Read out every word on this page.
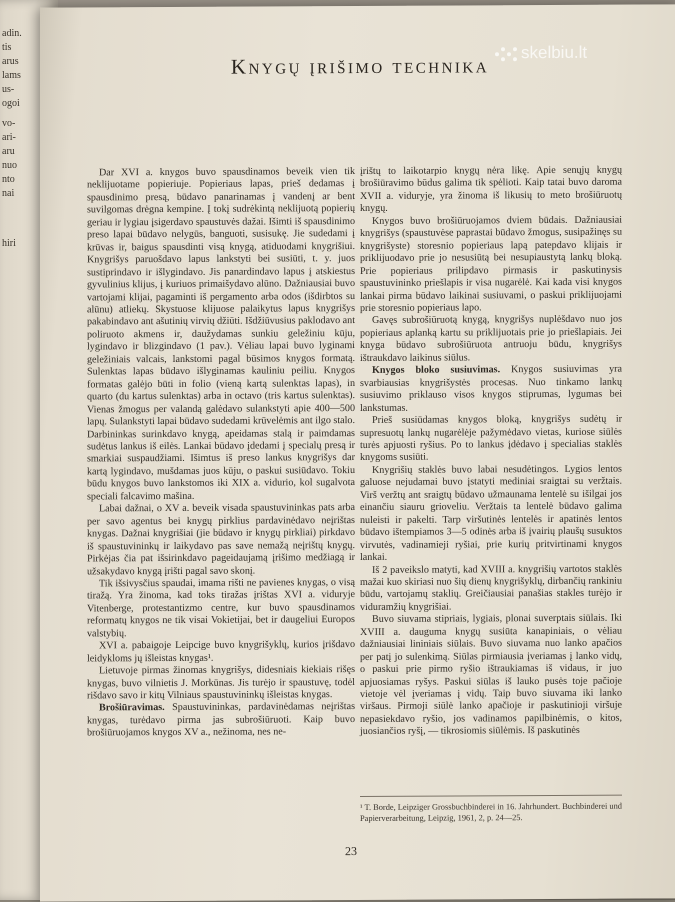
adin.
tis
arus
lams
us-
ogoi
vo-
ari-
aru
nuo
nto
nai
hiri
Knygų įrišimo technika
skelbiu.lt

Dar XVI a. knygos buvo spausdinamos beveik vien tik neklijuotame popieriuje. Popieriaus lapas, prieš dedamas į spausdinimo presą, būdavo panarinamas į vandenį ar bent suvilgomas drėgna kempine. Į tokį sudrėkintą neklijuotą popierių geriau ir lygiau įsigerdavo spaustuvės dažai. Išimti iš spausdinimo preso lapai būdavo nelygūs, banguoti, susisukę. Jie sudedami į krūvas ir, baigus spausdinti visą knygą, atiduodami knygrišiui. Knygrišys paruošdavo lapus lankstyti bei susiūti, t. y. juos sustiprindavo ir išlygindavo. Jis panardindavo lapus į atskiestus gyvulinius klijus, į kuriuos primaišydavo alūno. Dažniausiai buvo vartojami klijai, pagaminti iš pergamento arba odos (išdirbtos su alūnu) atliekų. Skystuose klijuose palaikytus lapus knygrišys pakabindavo ant ašutinių virvių džiūti. Išdžiūvusius paklodavo ant poliruoto akmens ir, daužydamas sunkiu geležiniu kūju, lygindavo ir blizgindavo (1 pav.). Vėliau lapai buvo lyginami geležiniais valcais, lankstomi pagal būsimos knygos formatą. Sulenktas lapas būdavo išlyginamas kauliniu peiliu. Knygos formatas galėjo būti in folio (vieną kartą sulenktas lapas), in quarto (du kartus sulenktas) arba in octavo (tris kartus sulenktas). Vienas žmogus per valandą galėdavo sulankstyti apie 400—500 lapų. Sulankstyti lapai būdavo sudedami krūvelėmis ant ilgo stalo. Darbininkas surinkdavo knygą, apeidamas stalą ir paimdamas sudėtus lankus iš eilės. Lankai būdavo įdedami į specialų presą ir smarkiai suspaudžiami. Išimtus iš preso lankus knygrišys dar kartą lygindavo, mušdamas juos kūju, o paskui susiūdavo. Tokiu būdu knygos buvo lankstomos iki XIX a. vidurio, kol sugalvota speciali falcavimo mašina.

Labai dažnai, o XV a. beveik visada spaustuvininkas pats arba per savo agentus bei knygų pirklius pardavinėdavo neįrištas knygas. Dažnai knygrišiai (jie būdavo ir knygų pirkliai) pirkdavo iš spaustuvininkų ir laikydavo pas save nemažą neįrištų knygų. Pirkėjas čia pat išsirinkdavo pageidaujamą įrišimo medžiagą ir užsakydavo knygą įrišti pagal savo skonį.

Tik išsivysčius spaudai, imama rišti ne pavienes knygas, o visą tiražą. Yra žinoma, kad toks tiražas įrištas XVI a. viduryje Vitenberge, protestantizmo centre, kur buvo spausdinamos reformatų knygos ne tik visai Vokietijai, bet ir daugeliui Europos valstybių.

XVI a. pabaigoje Leipcige buvo knygrišyklų, kurios įrišdavo leidykloms jų išleistas knygas¹.

Lietuvoje pirmas žinomas knygrišys, didesniais kiekiais rišęs knygas, buvo vilnietis J. Morkūnas. Jis turėjo ir spaustuvę, todėl rišdavo savo ir kitų Vilniaus spaustuvininkų išleistas knygas.

Brošiūravimas. Spaustuvininkas, pardavinėdamas neįrištas knygas, turėdavo pirma jas subrošiūruoti. Kaip buvo brošiūruojamos knygos XV a., nežinoma, nes ne-

įrištų to laikotarpio knygų nėra likę. Apie senųjų knygų brošiūravimo būdus galima tik spėlioti. Kaip tatai buvo daroma XVII a. viduryje, yra žinoma iš likusių to meto brošiūruotų knygų.

Knygos buvo brošiūruojamos dviem būdais. Dažniausiai knygrišys (spaustuvėse paprastai būdavo žmogus, susipažinęs su knygrišyste) storesnio popieriaus lapą patepdavo klijais ir priklijuodavo prie jo nesusiūtą bei nesupiaustytą lankų bloką. Prie popieriaus prilipdavo pirmasis ir paskutinysis spaustuvininko priešlapis ir visa nugarėlė. Kai kada visi knygos lankai pirma būdavo laikinai susiuvami, o paskui priklijuojami prie storesnio popieriaus lapo.

Gavęs subrošiūruotą knygą, knygrišys nuplėšdavo nuo jos popieriaus aplanką kartu su priklijuotais prie jo priešlapiais. Jei knyga būdavo subrošiūruota antruoju būdu, knygrišys ištraukdavo laikinus siūlus.

Knygos bloko susiuvimas. Knygos susiuvimas yra svarbiausias knygrišystės procesas. Nuo tinkamo lankų susiuvimo priklauso visos knygos stiprumas, lygumas bei lankstumas.

Prieš susiūdamas knygos bloką, knygrišys sudėtų ir supresuotų lankų nugarėlėje pažymėdavo vietas, kuriose siūlės turės apjuosti ryšius. Po to lankus įdėdavo į specialias staklės knygoms susiūti.

Knygrišių staklės buvo labai nesudėtingos. Lygios lentos galuose nejudamai buvo įstatyti mediniai sraigtai su veržtais. Virš veržtų ant sraigtų būdavo užmaunama lentelė su išilgai jos einančiu siauru grioveliu. Veržtais ta lentelė būdavo galima nuleisti ir pakelti. Tarp viršutinės lentelės ir apatinės lentos būdavo ištempiamos 3—5 odinės arba iš įvairių plaušų susuktos virvutės, vadinamieji ryšiai, prie kurių pritvirtinami knygos lankai.

Iš 2 paveikslo matyti, kad XVIII a. knygrišių vartotos staklės mažai kuo skiriasi nuo šių dienų knygrišyklų, dirbančių rankiniu būdu, vartojamų staklių. Greičiausiai panašias stakles turėjo ir viduramžių knygrišiai.

Buvo siuvama stipriais, lygiais, plonai suverptais siūlais. Iki XVIII a. dauguma knygų susiūta kanapiniais, o vėliau dažniausiai lininiais siūlais. Buvo siuvama nuo lanko apačios per patį jo sulenkimą. Siūlas pirmiausia įveriamas į lanko vidų, o paskui prie pirmo ryšio ištraukiamas iš vidaus, ir juo apjuosiamas ryšys. Paskui siūlas iš lauko pusės toje pačioje vietoje vėl įveriamas į vidų. Taip buvo siuvama iki lanko viršaus. Pirmoji siūlė lanko apačioje ir paskutinioji viršuje nepasiekdavo ryšio, jos vadinamos papilbinėmis, o kitos, juosiančios ryšį, — tikrosiomis siūlėmis. Iš paskutinės

¹ T. Borde, Leipziger Grossbuchbinderei in 16. Jahrhundert. Buchbinderei und Papierverarbeitung, Leipzig, 1961, 2, p. 24—25.
23
